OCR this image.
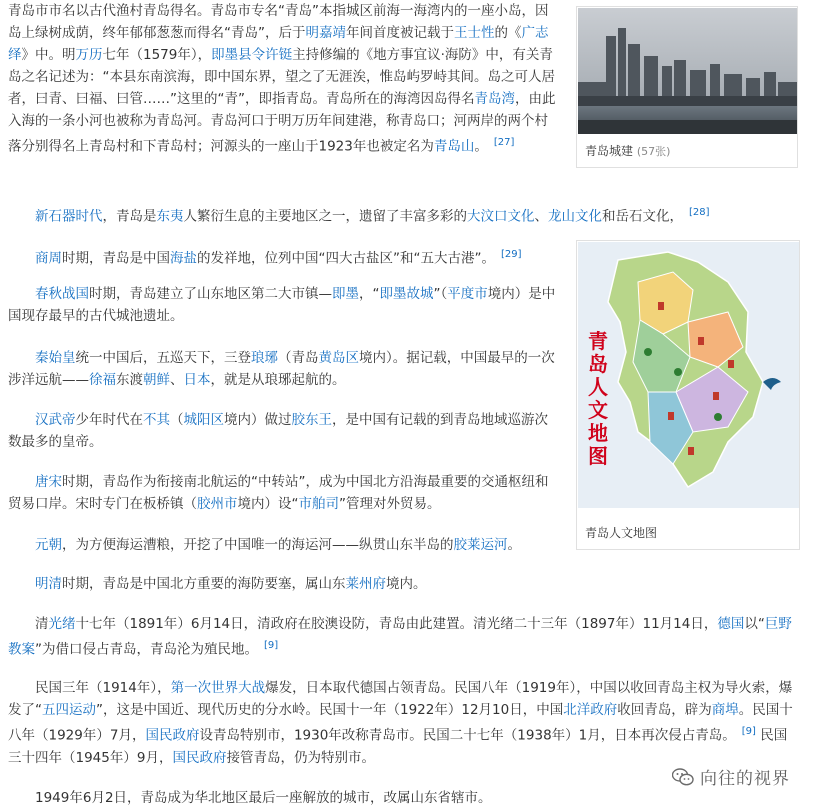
青岛市市名以古代渔村青岛得名。青岛市专名“青岛”本指城区前海一海湾内的一座小岛，因岛上绿树成荫，终年郁郁葱葱而得名“青岛”，后于明嘉靖年间首度被记载于王士性的《广志绎》中。明万历七年（1579年），即墨县令许铤主持修编的《地方事宜议·海防》中，有关青岛之名记述为：“本县东南滨海，即中国东界，望之了无涯涘，惟岛屿罗峙其间。岛之可人居者，曰青、曰福、曰管……”这里的“青”，即指青岛。青岛所在的海湾因岛得名青岛湾，由此入海的一条小河也被称为青岛河。青岛河口于明万历年间建港，称青岛口；河两岸的两个村落分别得名上青岛村和下青岛村；河源头的一座山于1923年也被定名为青岛山。 [27]
青岛城建 (57张)
新石器时代，青岛是东夷人繁衍生息的主要地区之一，遗留了丰富多彩的大汶口文化、龙山文化和岳石文化， [28]
商周时期，青岛是中国海盐的发祥地，位列中国“四大古盐区”和“五大古港”。 [29]
青岛人文地图
青岛人文地图
春秋战国时期，青岛建立了山东地区第二大市镇—即墨，“即墨故城”（平度市境内）是中国现存最早的古代城池遗址。
秦始皇统一中国后，五巡天下，三登琅琊（青岛黄岛区境内）。据记载，中国最早的一次涉洋远航——徐福东渡朝鲜、日本，就是从琅琊起航的。
汉武帝少年时代在不其（城阳区境内）做过胶东王，是中国有记载的到青岛地域巡游次数最多的皇帝。
唐宋时期，青岛作为衔接南北航运的“中转站”，成为中国北方沿海最重要的交通枢纽和贸易口岸。宋时专门在板桥镇（胶州市境内）设“市舶司”管理对外贸易。
元朝，为方便海运漕粮，开挖了中国唯一的海运河——纵贯山东半岛的胶莱运河。
明清时期，青岛是中国北方重要的海防要塞，属山东莱州府境内。
清光绪十七年（1891年）6月14日，清政府在胶澳设防，青岛由此建置。清光绪二十三年（1897年）11月14日，德国以“巨野教案”为借口侵占青岛，青岛沦为殖民地。 [9]
民国三年（1914年），第一次世界大战爆发，日本取代德国占领青岛。民国八年（1919年），中国以收回青岛主权为导火索，爆发了“五四运动”，这是中国近、现代历史的分水岭。民国十一年（1922年）12月10日，中国北洋政府收回青岛，辟为商埠。民国十八年（1929年）7月，国民政府设青岛特别市，1930年改称青岛市。民国二十七年（1938年）1月，日本再次侵占青岛。 [9] 民国三十四年（1945年）9月，国民政府接管青岛，仍为特别市。
1949年6月2日，青岛成为华北地区最后一座解放的城市，改属山东省辖市。
向往的视界
